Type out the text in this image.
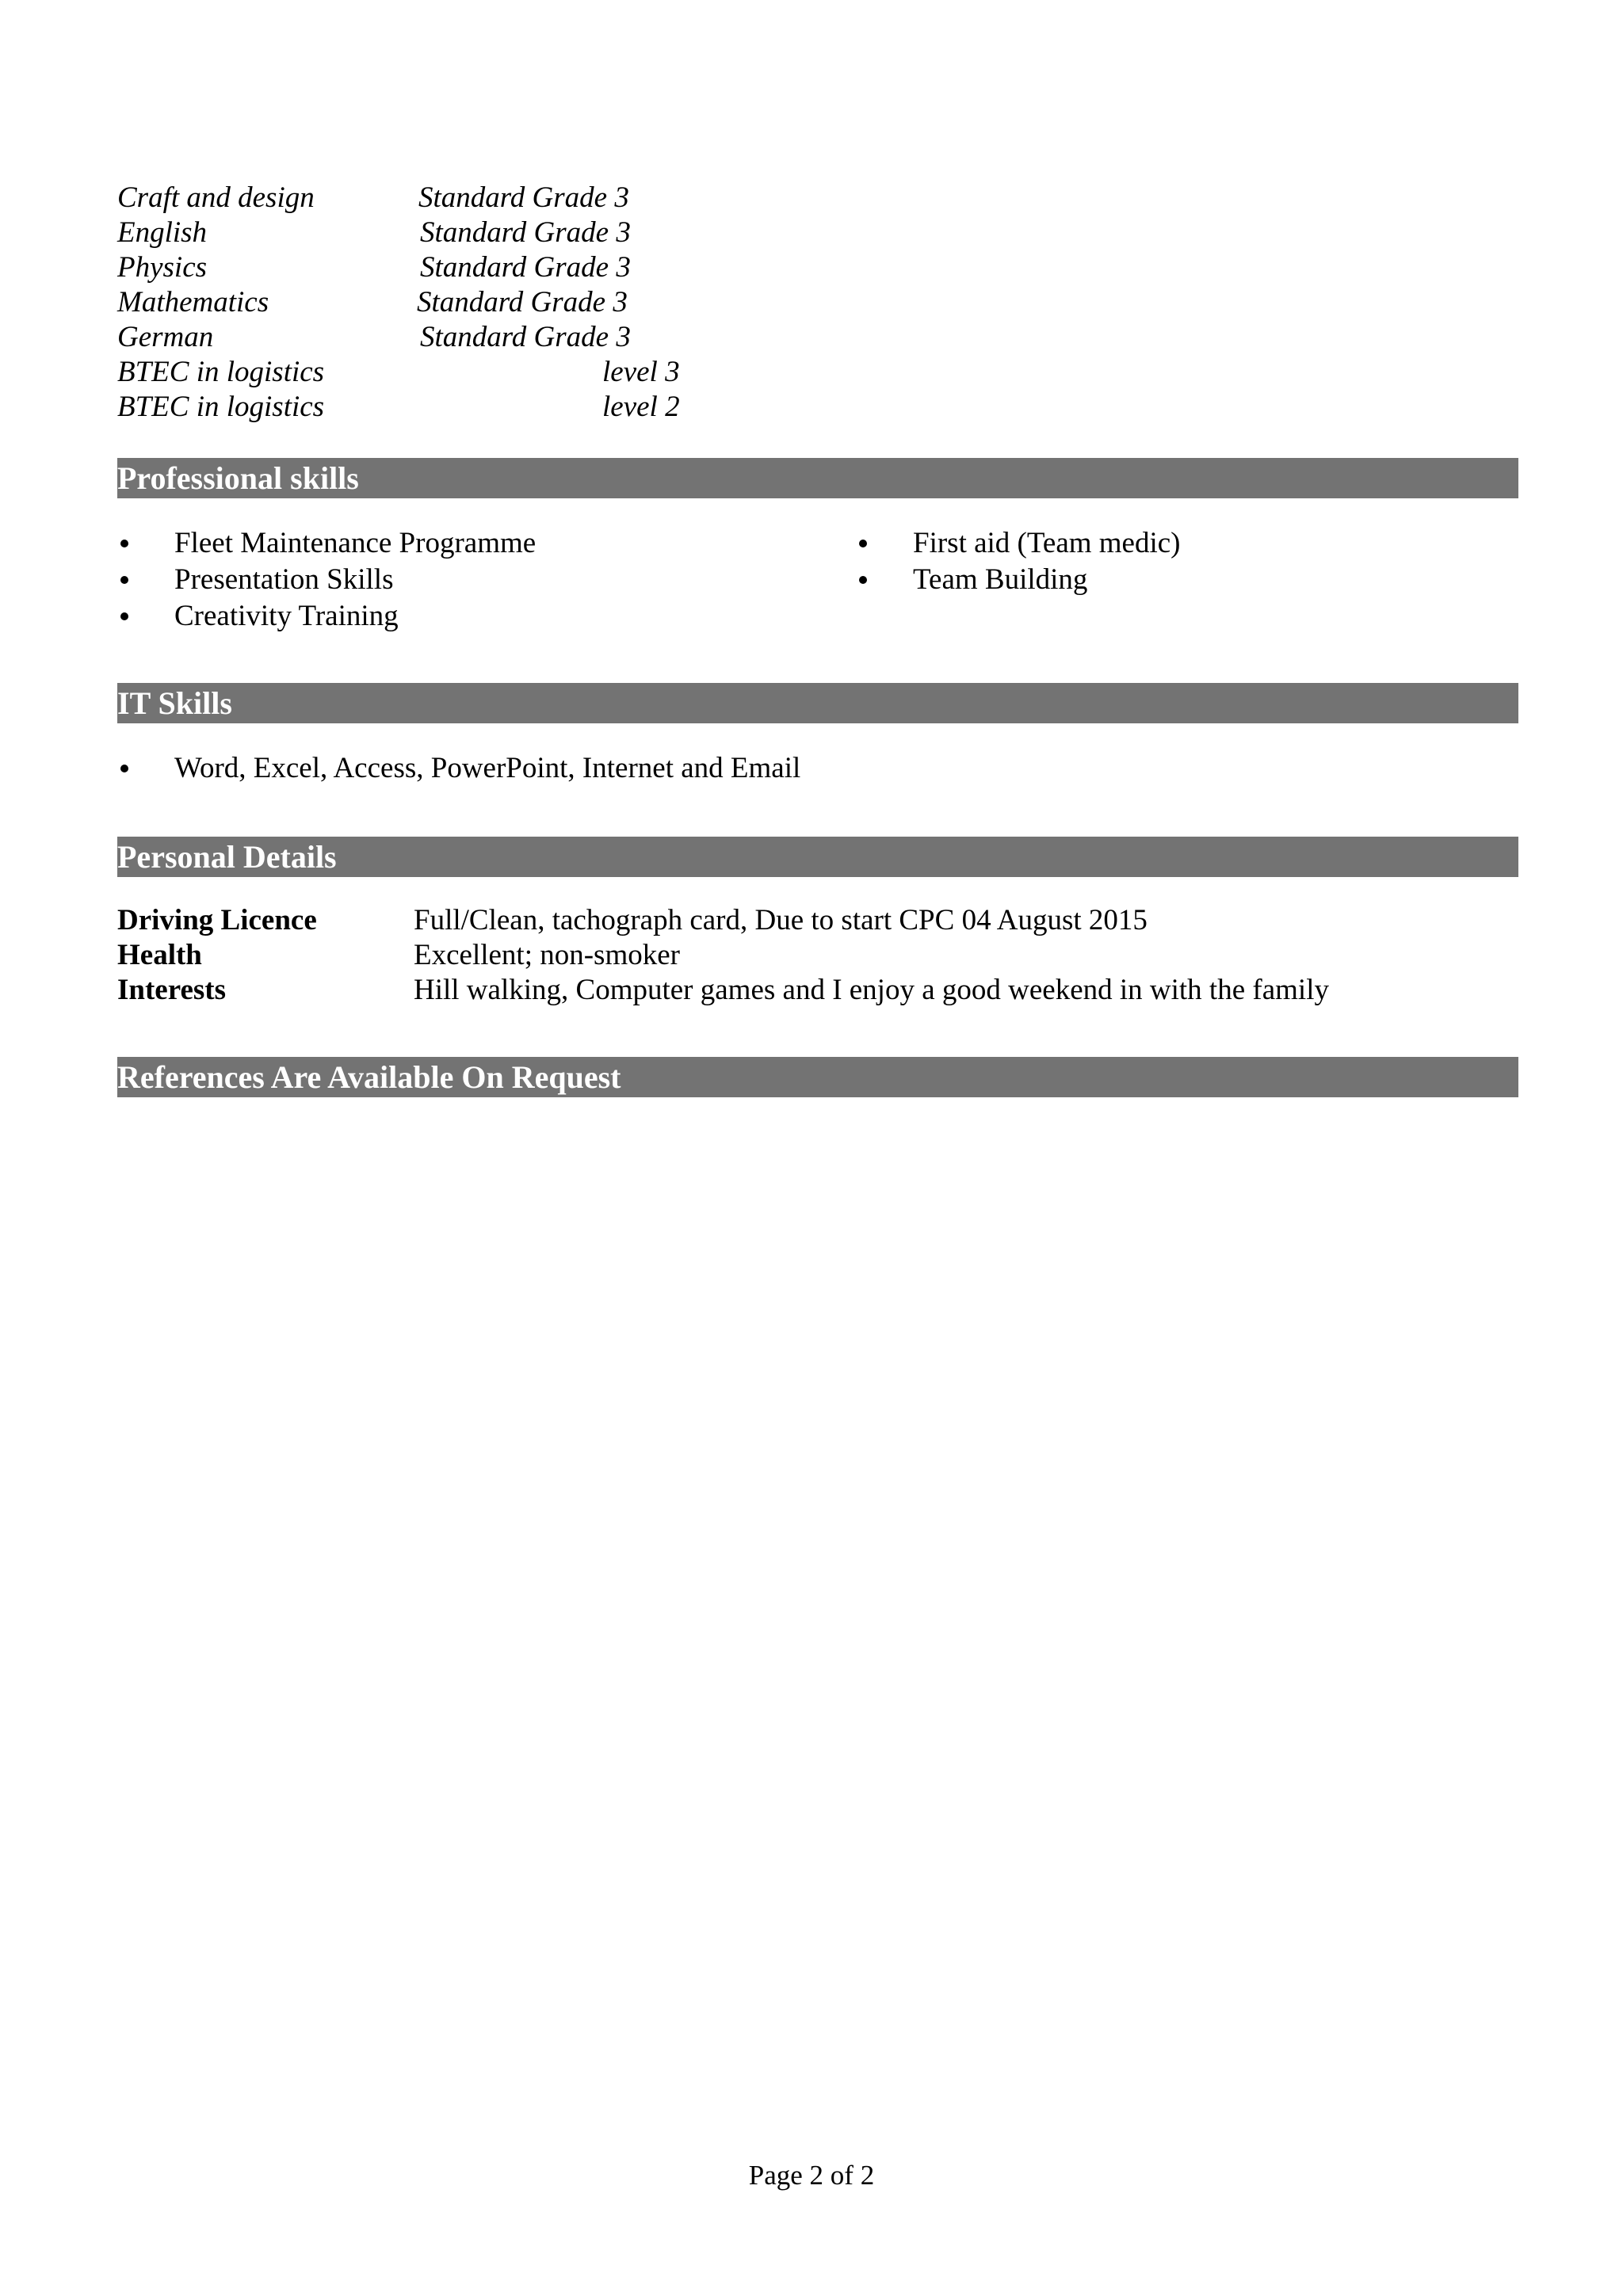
Craft and design	Standard Grade 3
English	Standard Grade 3
Physics	Standard Grade 3
Mathematics	Standard Grade 3
German	Standard Grade 3
BTEC in logistics	level 3
BTEC in logistics	level 2
Professional skills
Fleet Maintenance Programme
Presentation Skills
Creativity Training
First aid (Team medic)
Team Building
IT Skills
Word, Excel, Access, PowerPoint, Internet and Email
Personal Details
Driving Licence	Full/Clean, tachograph card, Due to start CPC 04 August 2015
Health	Excellent; non-smoker
Interests	Hill walking, Computer games and I enjoy a good weekend in with the family
References Are Available On Request
Page 2 of 2
